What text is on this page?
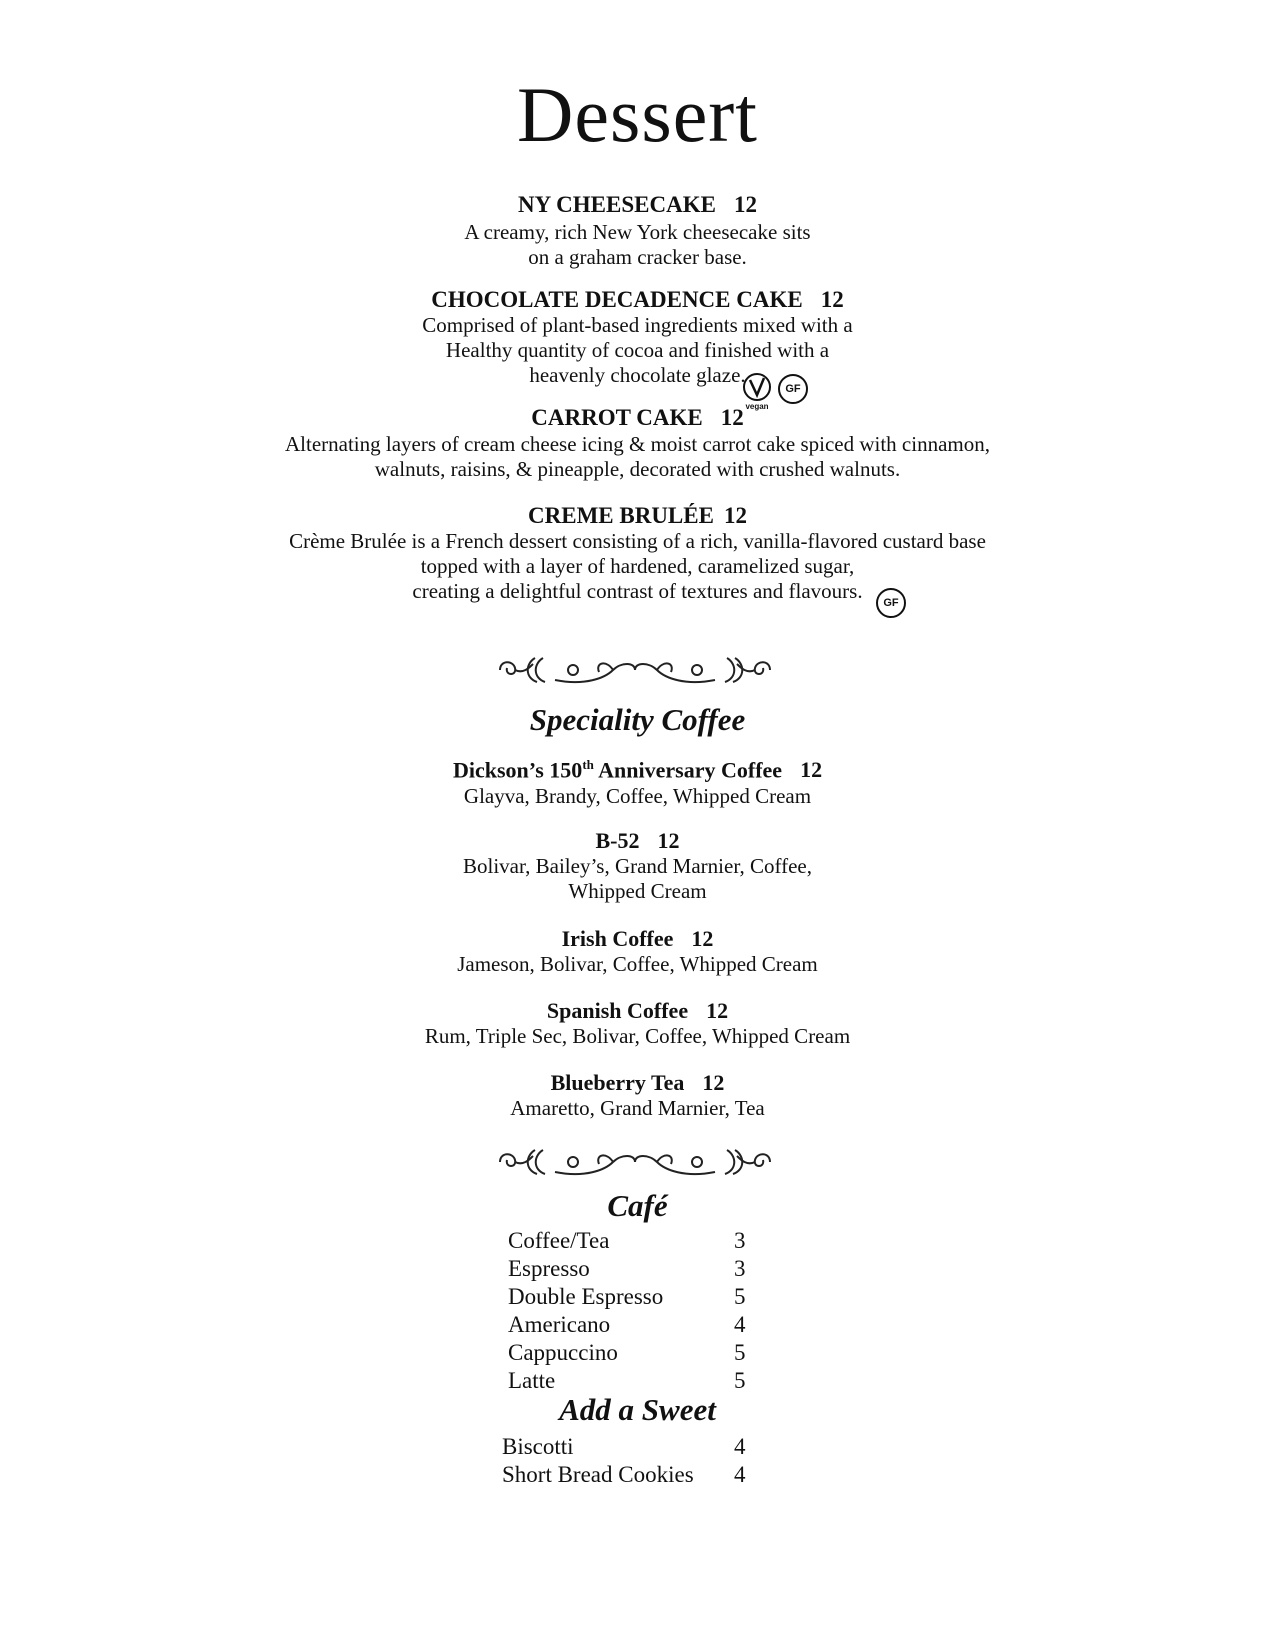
Dessert
NY CHEESECAKE 12
A creamy, rich New York cheesecake sits
on a graham cracker base.
CHOCOLATE DECADENCE CAKE 12
Comprised of plant-based ingredients mixed with a
Healthy quantity of cocoa and finished with a
heavenly chocolate glaze.
vegan
GF
CARROT CAKE 12
Alternating layers of cream cheese icing & moist carrot cake spiced with cinnamon,
walnuts, raisins, & pineapple, decorated with crushed walnuts.
CREME BRULÉE 12
Crème Brulée is a French dessert consisting of a rich, vanilla-flavored custard base
topped with a layer of hardened, caramelized sugar,
creating a delightful contrast of textures and flavours.	GF
Speciality Coffee
Dickson’s 150th Anniversary Coffee 12
Glayva, Brandy, Coffee, Whipped Cream
B-52 12
Bolivar, Bailey’s, Grand Marnier, Coffee,
Whipped Cream
Irish Coffee 12
Jameson, Bolivar, Coffee, Whipped Cream
Spanish Coffee 12
Rum, Triple Sec, Bolivar, Coffee, Whipped Cream
Blueberry Tea 12
Amaretto, Grand Marnier, Tea
Café
Coffee/Tea	3
Espresso	3
Double Espresso	5
Americano	4
Cappuccino	5
Latte	5
Add a Sweet
Biscotti	4
Short Bread Cookies 4
